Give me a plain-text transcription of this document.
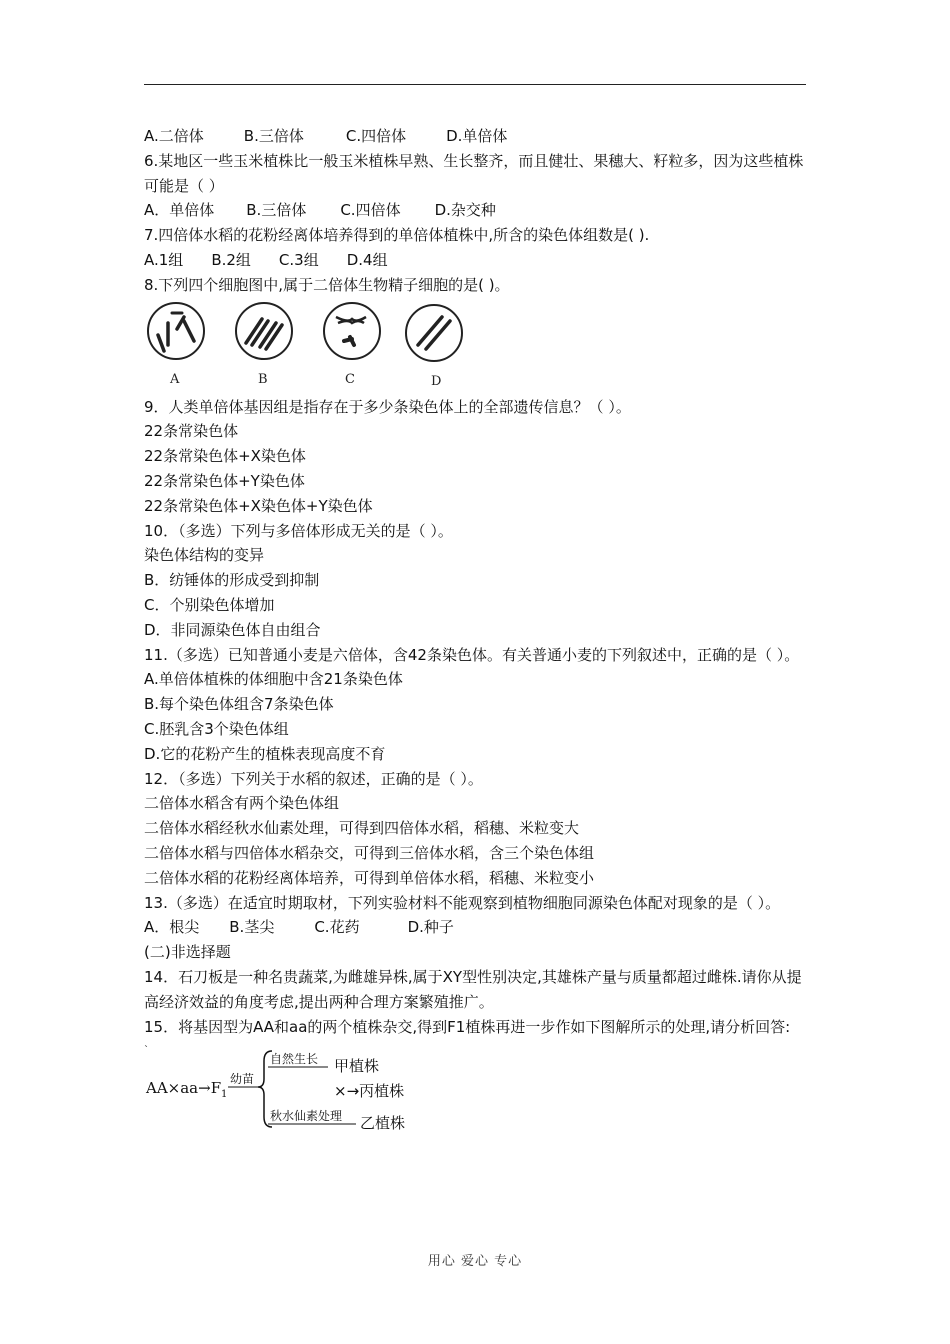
A.二倍体	B.三倍体	C.四倍体	D.单倍体
6.某地区一些玉米植株比一般玉米植株早熟、生长整齐，而且健壮、果穗大、籽粒多，因为这些植株可能是（ ）
A．单倍体 B.三倍体 C.四倍体 D.杂交种
7.四倍体水稻的花粉经离体培养得到的单倍体植株中,所含的染色体组数是( ).
A.1组 B.2组 C.3组 D.4组
8.下列四个细胞图中,属于二倍体生物精子细胞的是( )。
A	B	C	D
9．人类单倍体基因组是指存在于多少条染色体上的全部遗传信息？（ ）。
22条常染色体
22条常染色体+X染色体
22条常染色体+Y染色体
22条常染色体+X染色体+Y染色体
10．（多选）下列与多倍体形成无关的是（ ）。
染色体结构的变异
B．纺锤体的形成受到抑制
C．个别染色体增加
D．非同源染色体自由组合
11.（多选）已知普通小麦是六倍体，含42条染色体。有关普通小麦的下列叙述中，正确的是（ ）。
A.单倍体植株的体细胞中含21条染色体
B.每个染色体组含7条染色体
C.胚乳含3个染色体组
D.它的花粉产生的植株表现高度不育
12．（多选）下列关于水稻的叙述，正确的是（ ）。
二倍体水稻含有两个染色体组
二倍体水稻经秋水仙素处理，可得到四倍体水稻，稻穗、米粒变大
二倍体水稻与四倍体水稻杂交，可得到三倍体水稻，含三个染色体组
二倍体水稻的花粉经离体培养，可得到单倍体水稻，稻穗、米粒变小
13.（多选）在适宜时期取材，下列实验材料不能观察到植物细胞同源染色体配对现象的是（ ）。
A．根尖 B.茎尖	C.花药	D.种子
(二)非选择题
14．石刀板是一种名贵蔬菜,为雌雄异株,属于XY型性别决定,其雄株产量与质量都超过雌株.请你从提高经济效益的角度考虑,提出两种合理方案繁殖推广。
15．将基因型为AA和aa的两个植株杂交,得到F1植株再进一步作如下图解所示的处理,请分析回答:
ˋ
AA×aa→F 1
幼苗
自然生长 甲植株
×→丙植株
秋水仙素处理 乙植株
用心 爱心 专心
